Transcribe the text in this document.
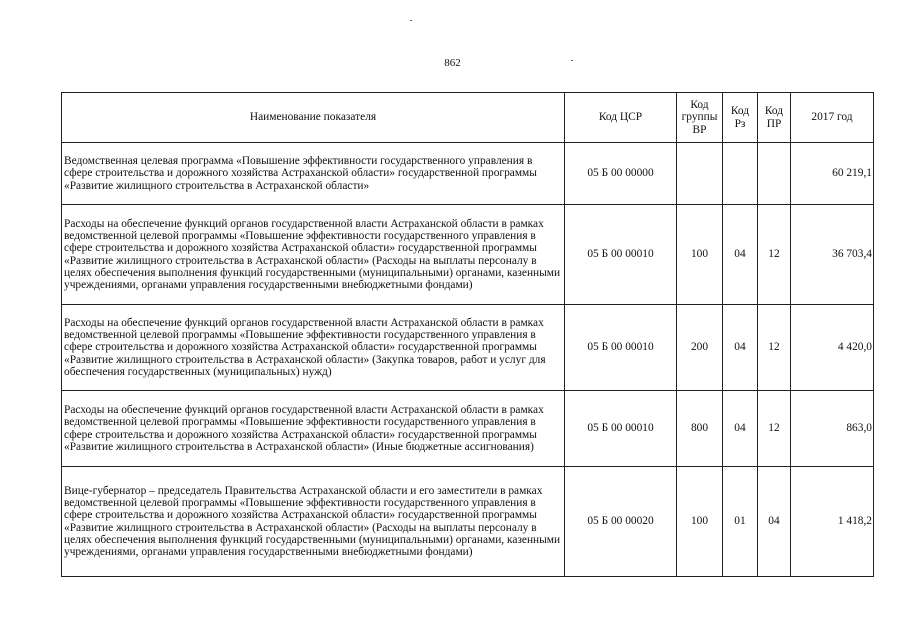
862
Наименование показателя	Код ЦСР	Код группы ВР	Код Рз	Код ПР	2017 год
Ведомственная целевая программа «Повышение эффективности государственного управления в сфере строительства и дорожного хозяйства Астраханской области» государственной программы «Развитие жилищного строительства в Астраханской области»	05 Б 00 00000				60 219,1
Расходы на обеспечение функций органов государственной власти Астраханской области в рамках ведомственной целевой программы «Повышение эффективности государственного управления в сфере строительства и дорожного хозяйства Астраханской области» государственной программы «Развитие жилищного строительства в Астраханской области» (Расходы на выплаты персоналу в целях обеспечения выполнения функций государственными (муниципальными) органами, казенными учреждениями, органами управления государственными внебюджетными фондами)	05 Б 00 00010	100	04	12	36 703,4
Расходы на обеспечение функций органов государственной власти Астраханской области в рамках ведомственной целевой программы «Повышение эффективности государственного управления в сфере строительства и дорожного хозяйства Астраханской области» государственной программы «Развитие жилищного строительства в Астраханской области» (Закупка товаров, работ и услуг для обеспечения государственных (муниципальных) нужд)	05 Б 00 00010	200	04	12	4 420,0
Расходы на обеспечение функций органов государственной власти Астраханской области в рамках ведомственной целевой программы «Повышение эффективности государственного управления в сфере строительства и дорожного хозяйства Астраханской области» государственной программы «Развитие жилищного строительства в Астраханской области» (Иные бюджетные ассигнования)	05 Б 00 00010	800	04	12	863,0
Вице-губернатор – председатель Правительства Астраханской области и его заместители в рамках ведомственной целевой программы «Повышение эффективности государственного управления в сфере строительства и дорожного хозяйства Астраханской области» государственной программы «Развитие жилищного строительства в Астраханской области» (Расходы на выплаты персоналу в целях обеспечения выполнения функций государственными (муниципальными) органами, казенными учреждениями, органами управления государственными внебюджетными фондами)	05 Б 00 00020	100	01	04	1 418,2
